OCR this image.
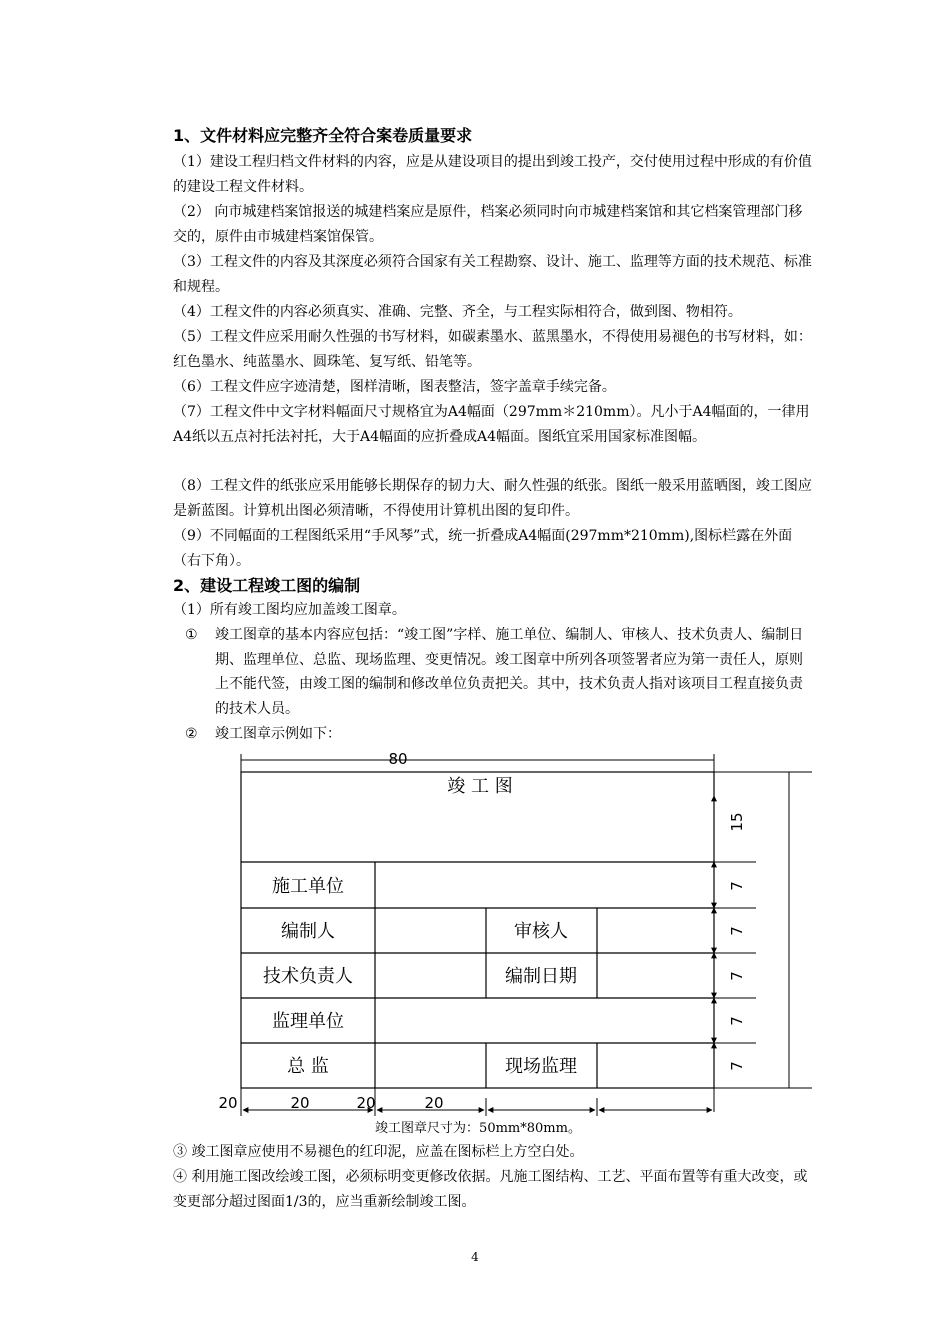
1、文件材料应完整齐全符合案卷质量要求

（1）建设工程归档文件材料的内容，应是从建设项目的提出到竣工投产，交付使用过程中形成的有价值的建设工程文件材料。

（2） 向市城建档案馆报送的城建档案应是原件，档案必须同时向市城建档案馆和其它档案管理部门移交的，原件由市城建档案馆保管。

（3）工程文件的内容及其深度必须符合国家有关工程勘察、设计、施工、监理等方面的技术规范、标准和规程。

（4）工程文件的内容必须真实、准确、完整、齐全，与工程实际相符合，做到图、物相符。

（5）工程文件应采用耐久性强的书写材料，如碳素墨水、蓝黑墨水，不得使用易褪色的书写材料，如：红色墨水、纯蓝墨水、圆珠笔、复写纸、铅笔等。

（6）工程文件应字迹清楚，图样清晰，图表整洁，签字盖章手续完备。

（7）工程文件中文字材料幅面尺寸规格宜为A4幅面（297mm＊210mm）。凡小于A4幅面的，一律用A4纸以五点衬托法衬托，大于A4幅面的应折叠成A4幅面。图纸宜采用国家标准图幅。

（8）工程文件的纸张应采用能够长期保存的韧力大、耐久性强的纸张。图纸一般采用蓝晒图，竣工图应是新蓝图。计算机出图必须清晰，不得使用计算机出图的复印件。

（9）不同幅面的工程图纸采用“手风琴”式，统一折叠成A4幅面(297mm*210mm),图标栏露在外面（右下角）。

2、建设工程竣工图的编制

（1）所有竣工图均应加盖竣工图章。

① 竣工图章的基本内容应包括：“竣工图”字样、施工单位、编制人、审核人、技术负责人、编制日期、监理单位、总监、现场监理、变更情况。竣工图章中所列各项签署者应为第一责任人，原则上不能代签，由竣工图的编制和修改单位负责把关。其中，技术负责人指对该项目工程直接负责的技术人员。

② 竣工图章示例如下：

竣 工 图
施工单位
编制人	审核人
技术负责人	编制日期
监理单位
总 监	现场监理
80
15
7
7
7
7
7
20	20	20	20
竣工图章尺寸为：50mm*80mm。

③ 竣工图章应使用不易褪色的红印泥，应盖在图标栏上方空白处。

④ 利用施工图改绘竣工图，必须标明变更修改依据。凡施工图结构、工艺、平面布置等有重大改变，或变更部分超过图面1/3的，应当重新绘制竣工图。

4
